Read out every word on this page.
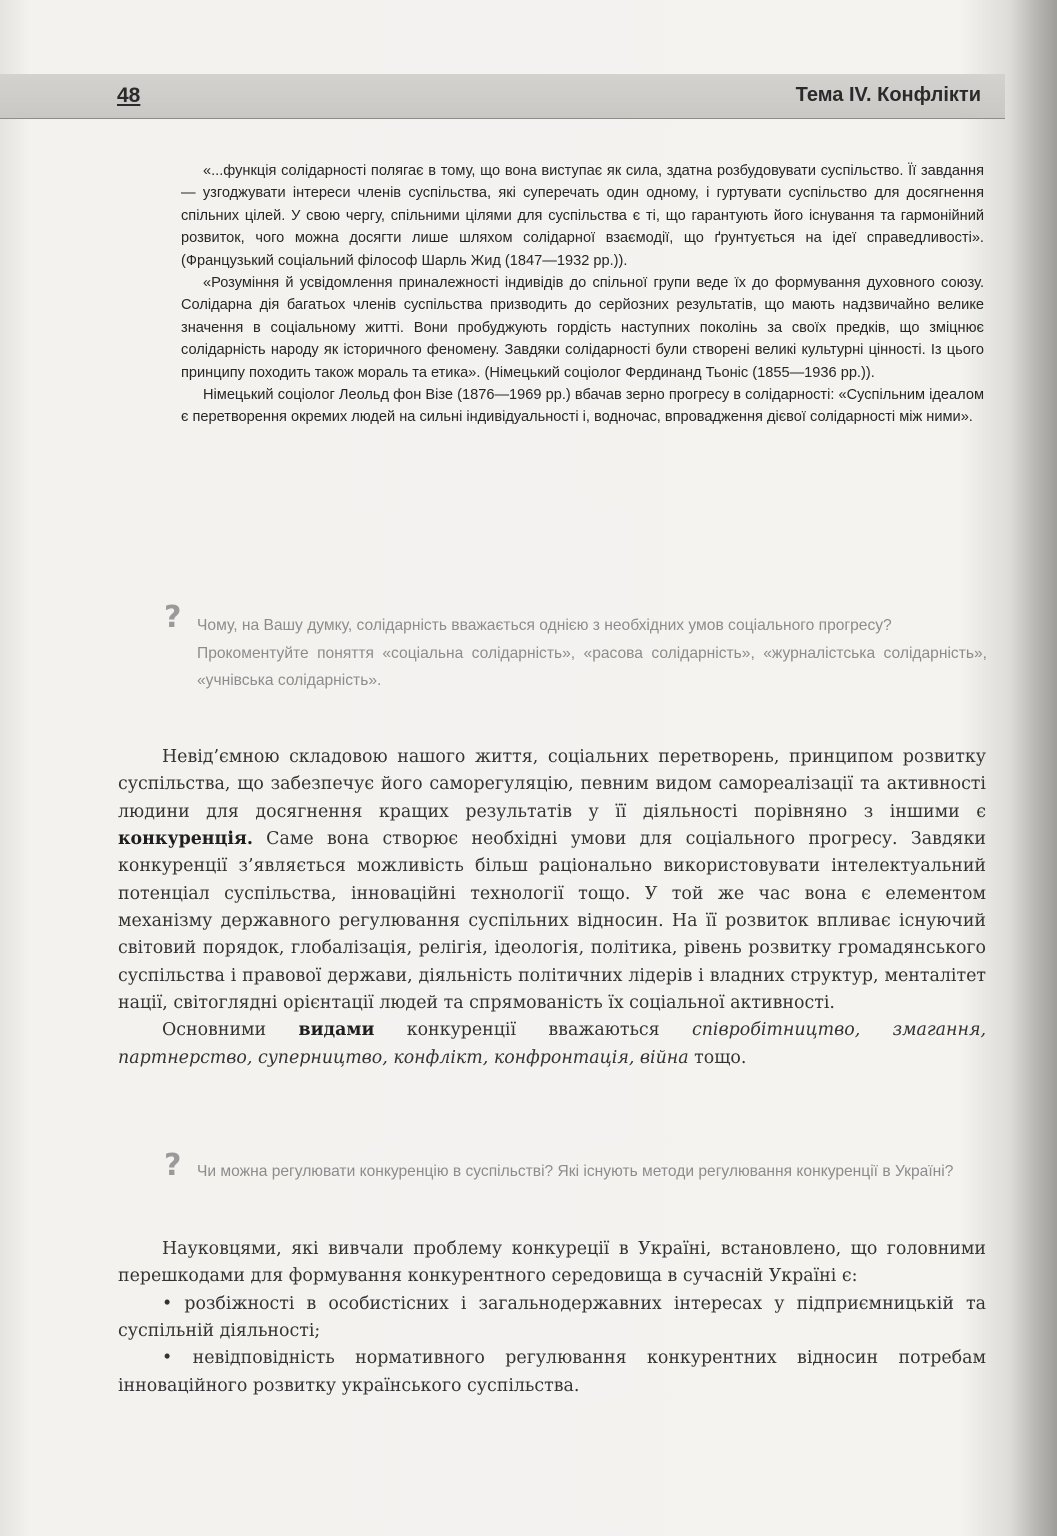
48	Тема IV. Конфлікти

«...функція солідарності полягає в тому, що вона виступає як сила, здатна розбудовувати суспільство. Її завдання — узгоджувати інтереси членів суспільства, які суперечать один одному, і гуртувати суспільство для досягнення спільних цілей. У свою чергу, спільними цілями для суспільства є ті, що гарантують його існування та гармонійний розвиток, чого можна досягти лише шляхом солідарної взаємодії, що ґрунтується на ідеї справедливості». (Французький соціальний філософ Шарль Жид (1847—1932 рр.)).

«Розуміння й усвідомлення приналежності індивідів до спільної групи веде їх до формування духовного союзу. Солідарна дія багатьох членів суспільства призводить до серйозних результатів, що мають надзвичайно велике значення в соціальному житті. Вони пробуджують гордість наступних поколінь за своїх предків, що зміцнює солідарність народу як історичного феномену. Завдяки солідарності були створені великі культурні цінності. Із цього принципу походить також мораль та етика». (Німецький соціолог Фердинанд Тьоніс (1855—1936 рр.)).

Німецький соціолог Леольд фон Візе (1876—1969 рр.) вбачав зерно прогресу в солідарності: «Суспільним ідеалом є перетворення окремих людей на сильні індивідуальності і, водночас, впровадження дієвої солідарності між ними».

? Чому, на Вашу думку, солідарність вважається однією з необхідних умов соціального прогресу?

Прокоментуйте поняття «соціальна солідарність», «расова солідарність», «журналістська солідарність», «учнівська солідарність».

Невід’ємною складовою нашого життя, соціальних перетворень, принципом розвитку суспільства, що забезпечує його саморегуляцію, певним видом самореалізації та активності людини для досягнення кращих результатів у її діяльності порівняно з іншими є конкуренція. Саме вона створює необхідні умови для соціального прогресу. Завдяки конкуренції з’являється можливість більш раціонально використовувати інтелектуальний потенціал суспільства, інноваційні технології тощо. У той же час вона є елементом механізму державного регулювання суспільних відносин. На її розвиток впливає існуючий світовий порядок, глобалізація, релігія, ідеологія, політика, рівень розвитку громадянського суспільства і правової держави, діяльність політичних лідерів і владних структур, менталітет нації, світоглядні орієнтації людей та спрямованість їх соціальної активності.

Основними видами конкуренції вважаються співробітництво, змагання, партнерство, суперництво, конфлікт, конфронтація, війна тощо.

? Чи можна регулювати конкуренцію в суспільстві? Які існують методи регулювання конкуренції в Україні?

Науковцями, які вивчали проблему конкуреції в Україні, встановлено, що головними перешкодами для формування конкурентного середовища в сучасній Україні є:

• розбіжності в особистісних і загальнодержавних інтересах у підприємницькій та суспільній діяльності;

• невідповідність нормативного регулювання конкурентних відносин потребам інноваційного розвитку українського суспільства.
